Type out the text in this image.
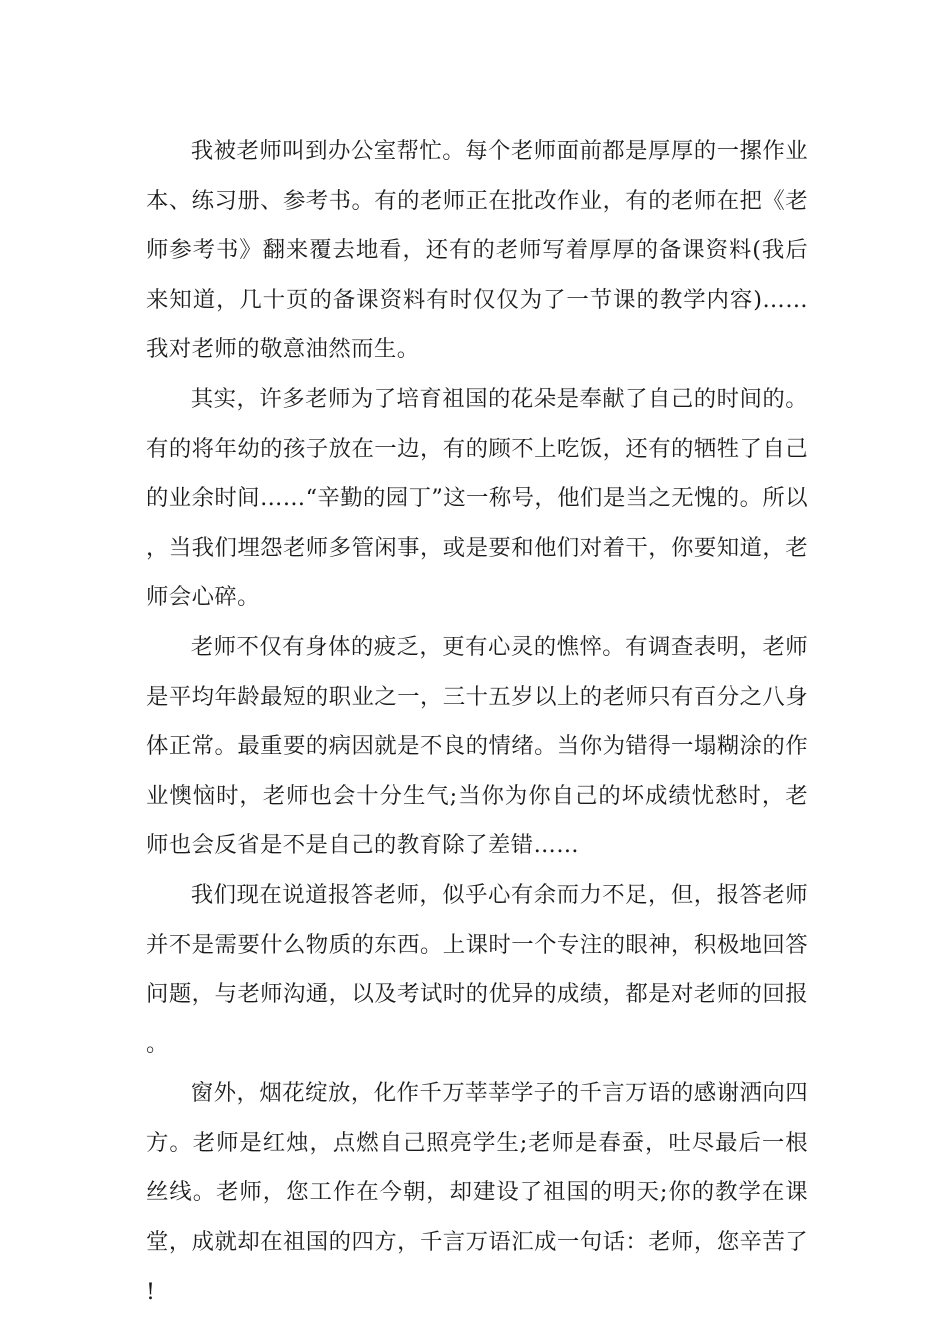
我被老师叫到办公室帮忙。每个老师面前都是厚厚的一摞作业本、练习册、参考书。有的老师正在批改作业，有的老师在把《老师参考书》翻来覆去地看，还有的老师写着厚厚的备课资料(我后来知道，几十页的备课资料有时仅仅为了一节课的教学内容)……我对老师的敬意油然而生。

其实，许多老师为了培育祖国的花朵是奉献了自己的时间的。有的将年幼的孩子放在一边，有的顾不上吃饭，还有的牺牲了自己的业余时间……“辛勤的园丁”这一称号，他们是当之无愧的。所以，当我们埋怨老师多管闲事，或是要和他们对着干，你要知道，老师会心碎。

老师不仅有身体的疲乏，更有心灵的憔悴。有调查表明，老师是平均年龄最短的职业之一，三十五岁以上的老师只有百分之八身体正常。最重要的病因就是不良的情绪。当你为错得一塌糊涂的作业懊恼时，老师也会十分生气;当你为你自己的坏成绩忧愁时，老师也会反省是不是自己的教育除了差错……

我们现在说道报答老师，似乎心有余而力不足，但，报答老师并不是需要什么物质的东西。上课时一个专注的眼神，积极地回答问题，与老师沟通，以及考试时的优异的成绩，都是对老师的回报。

窗外，烟花绽放，化作千万莘莘学子的千言万语的感谢洒向四方。老师是红烛，点燃自己照亮学生;老师是春蚕，吐尽最后一根丝线。老师，您工作在今朝，却建设了祖国的明天;你的教学在课堂，成就却在祖国的四方，千言万语汇成一句话：老师，您辛苦了!
